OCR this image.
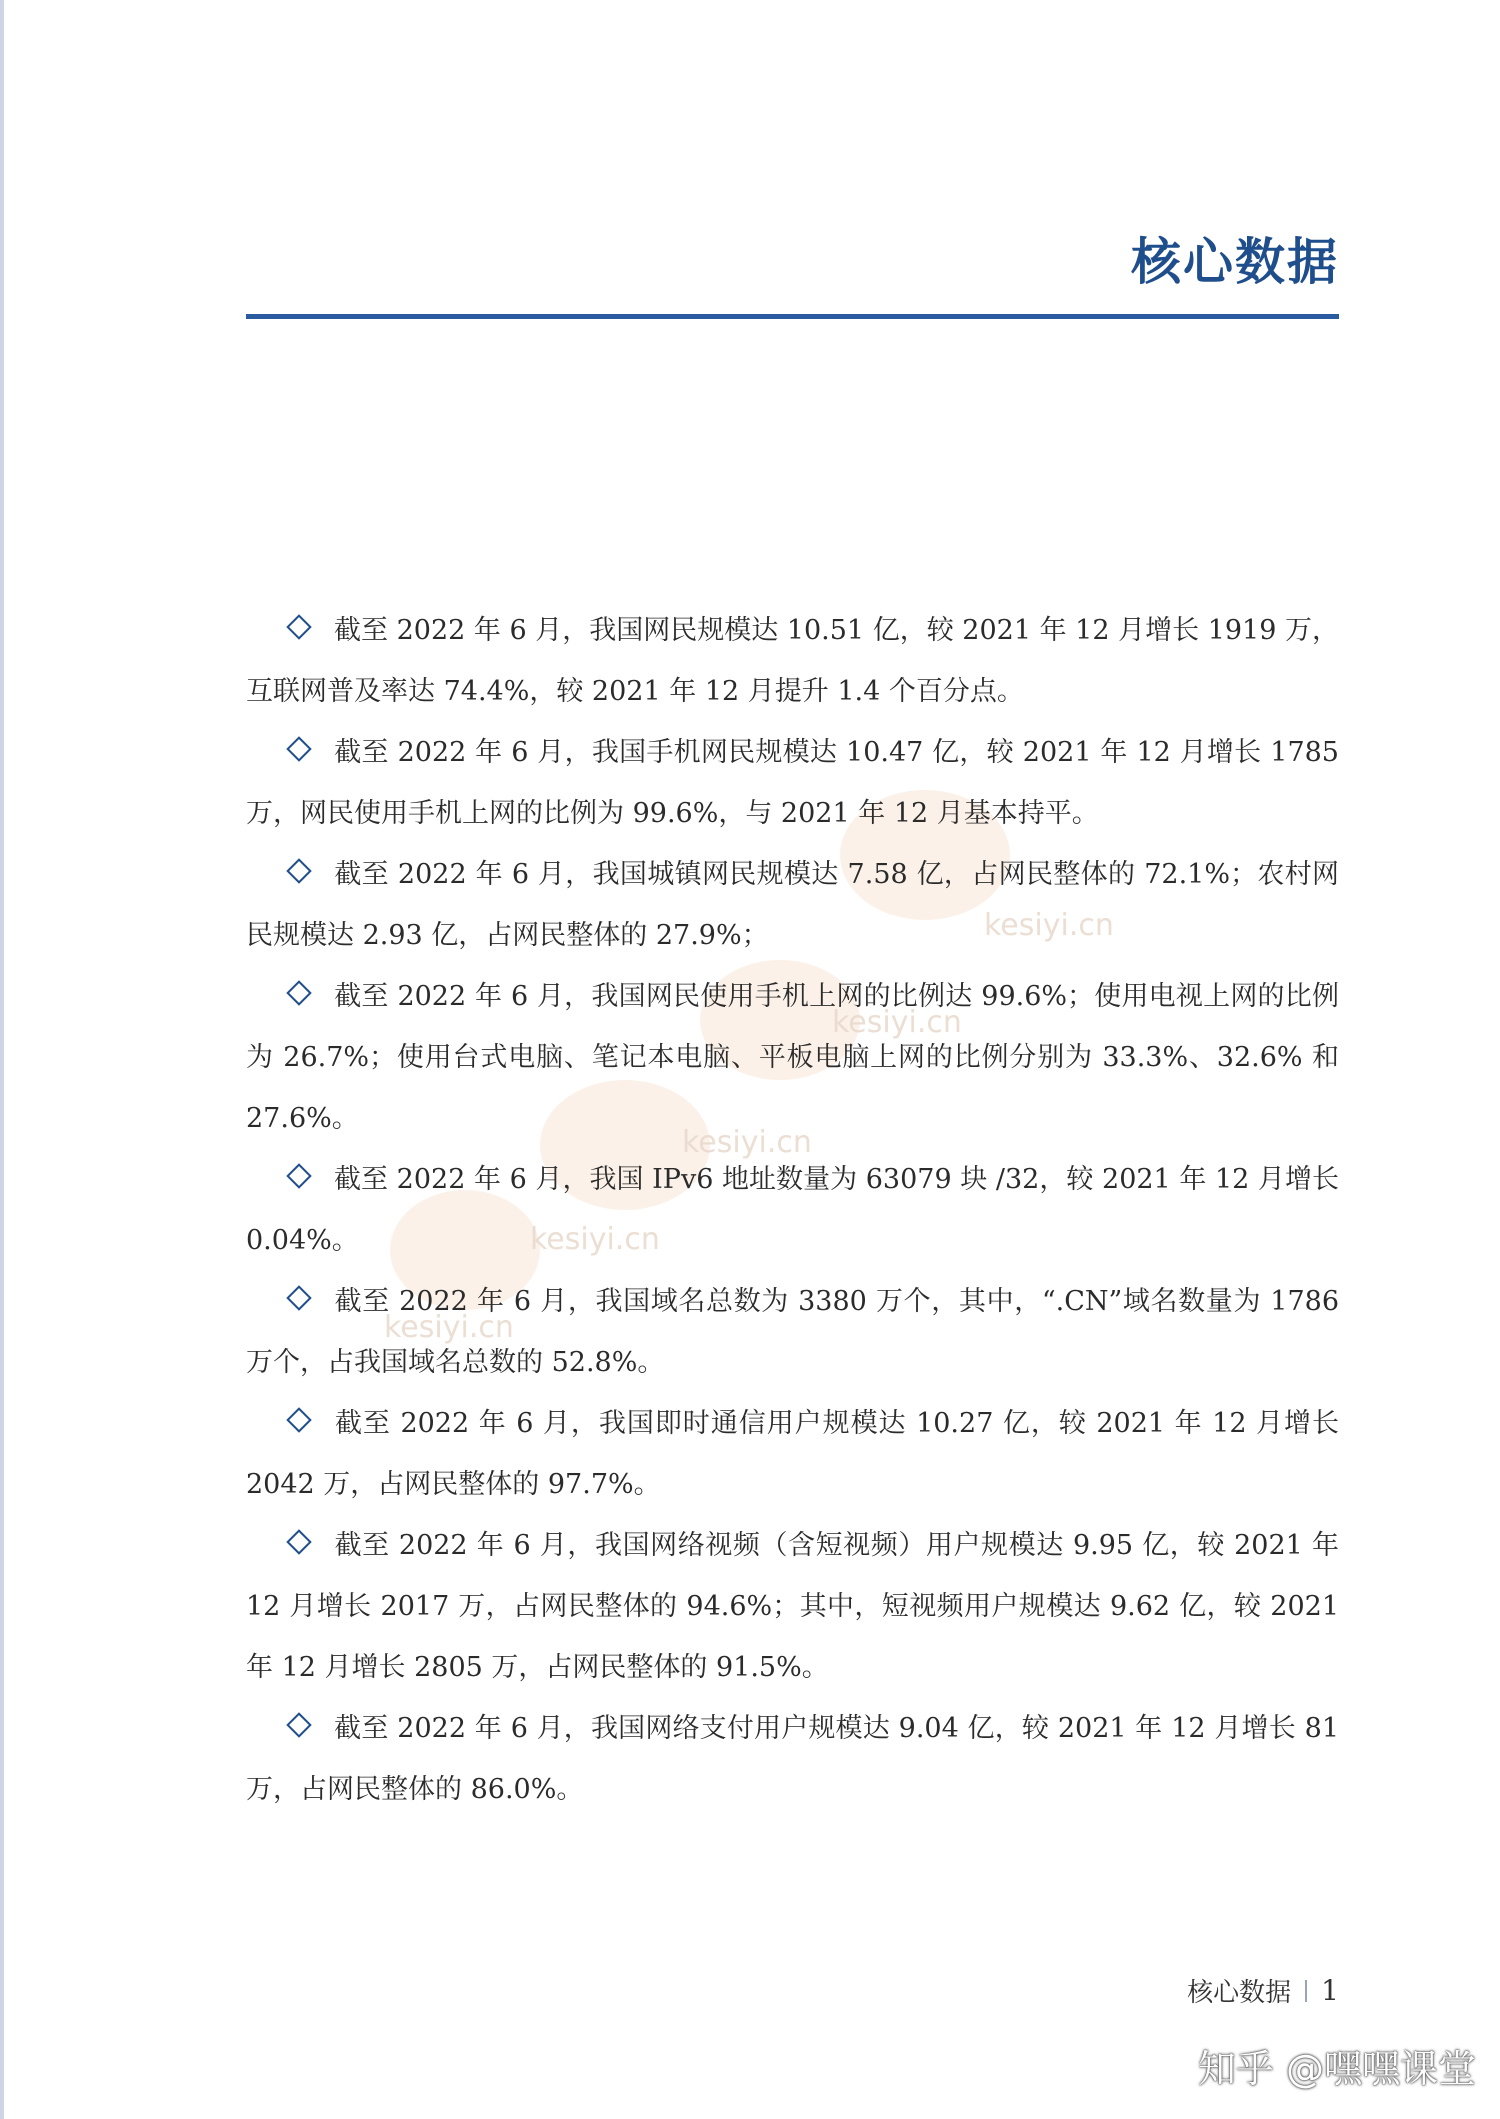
核心数据
kesiyi.cn
kesiyi.cn
kesiyi.cn
kesiyi.cn
kesiyi.cn

截至 2022 年 6 月，我国网民规模达 10.51 亿，较 2021 年 12 月增长 1919 万，互联网普及率达 74.4%，较 2021 年 12 月提升 1.4 个百分点。

截至 2022 年 6 月，我国手机网民规模达 10.47 亿，较 2021 年 12 月增长 1785 万，网民使用手机上网的比例为 99.6%，与 2021 年 12 月基本持平。

截至 2022 年 6 月，我国城镇网民规模达 7.58 亿，占网民整体的 72.1%；农村网民规模达 2.93 亿，占网民整体的 27.9%；

截至 2022 年 6 月，我国网民使用手机上网的比例达 99.6%；使用电视上网的比例为 26.7%；使用台式电脑、笔记本电脑、平板电脑上网的比例分别为 33.3%、32.6% 和 27.6%。

截至 2022 年 6 月，我国 IPv6 地址数量为 63079 块 /32，较 2021 年 12 月增长 0.04%。

截至 2022 年 6 月，我国域名总数为 3380 万个，其中，“.CN”域名数量为 1786 万个，占我国域名总数的 52.8%。

截至 2022 年 6 月，我国即时通信用户规模达 10.27 亿，较 2021 年 12 月增长 2042 万，占网民整体的 97.7%。

截至 2022 年 6 月，我国网络视频（含短视频）用户规模达 9.95 亿，较 2021 年 12 月增长 2017 万，占网民整体的 94.6%；其中，短视频用户规模达 9.62 亿，较 2021 年 12 月增长 2805 万，占网民整体的 91.5%。

截至 2022 年 6 月，我国网络支付用户规模达 9.04 亿，较 2021 年 12 月增长 81 万，占网民整体的 86.0%。

核心数据 1
知乎 @嘿嘿课堂
